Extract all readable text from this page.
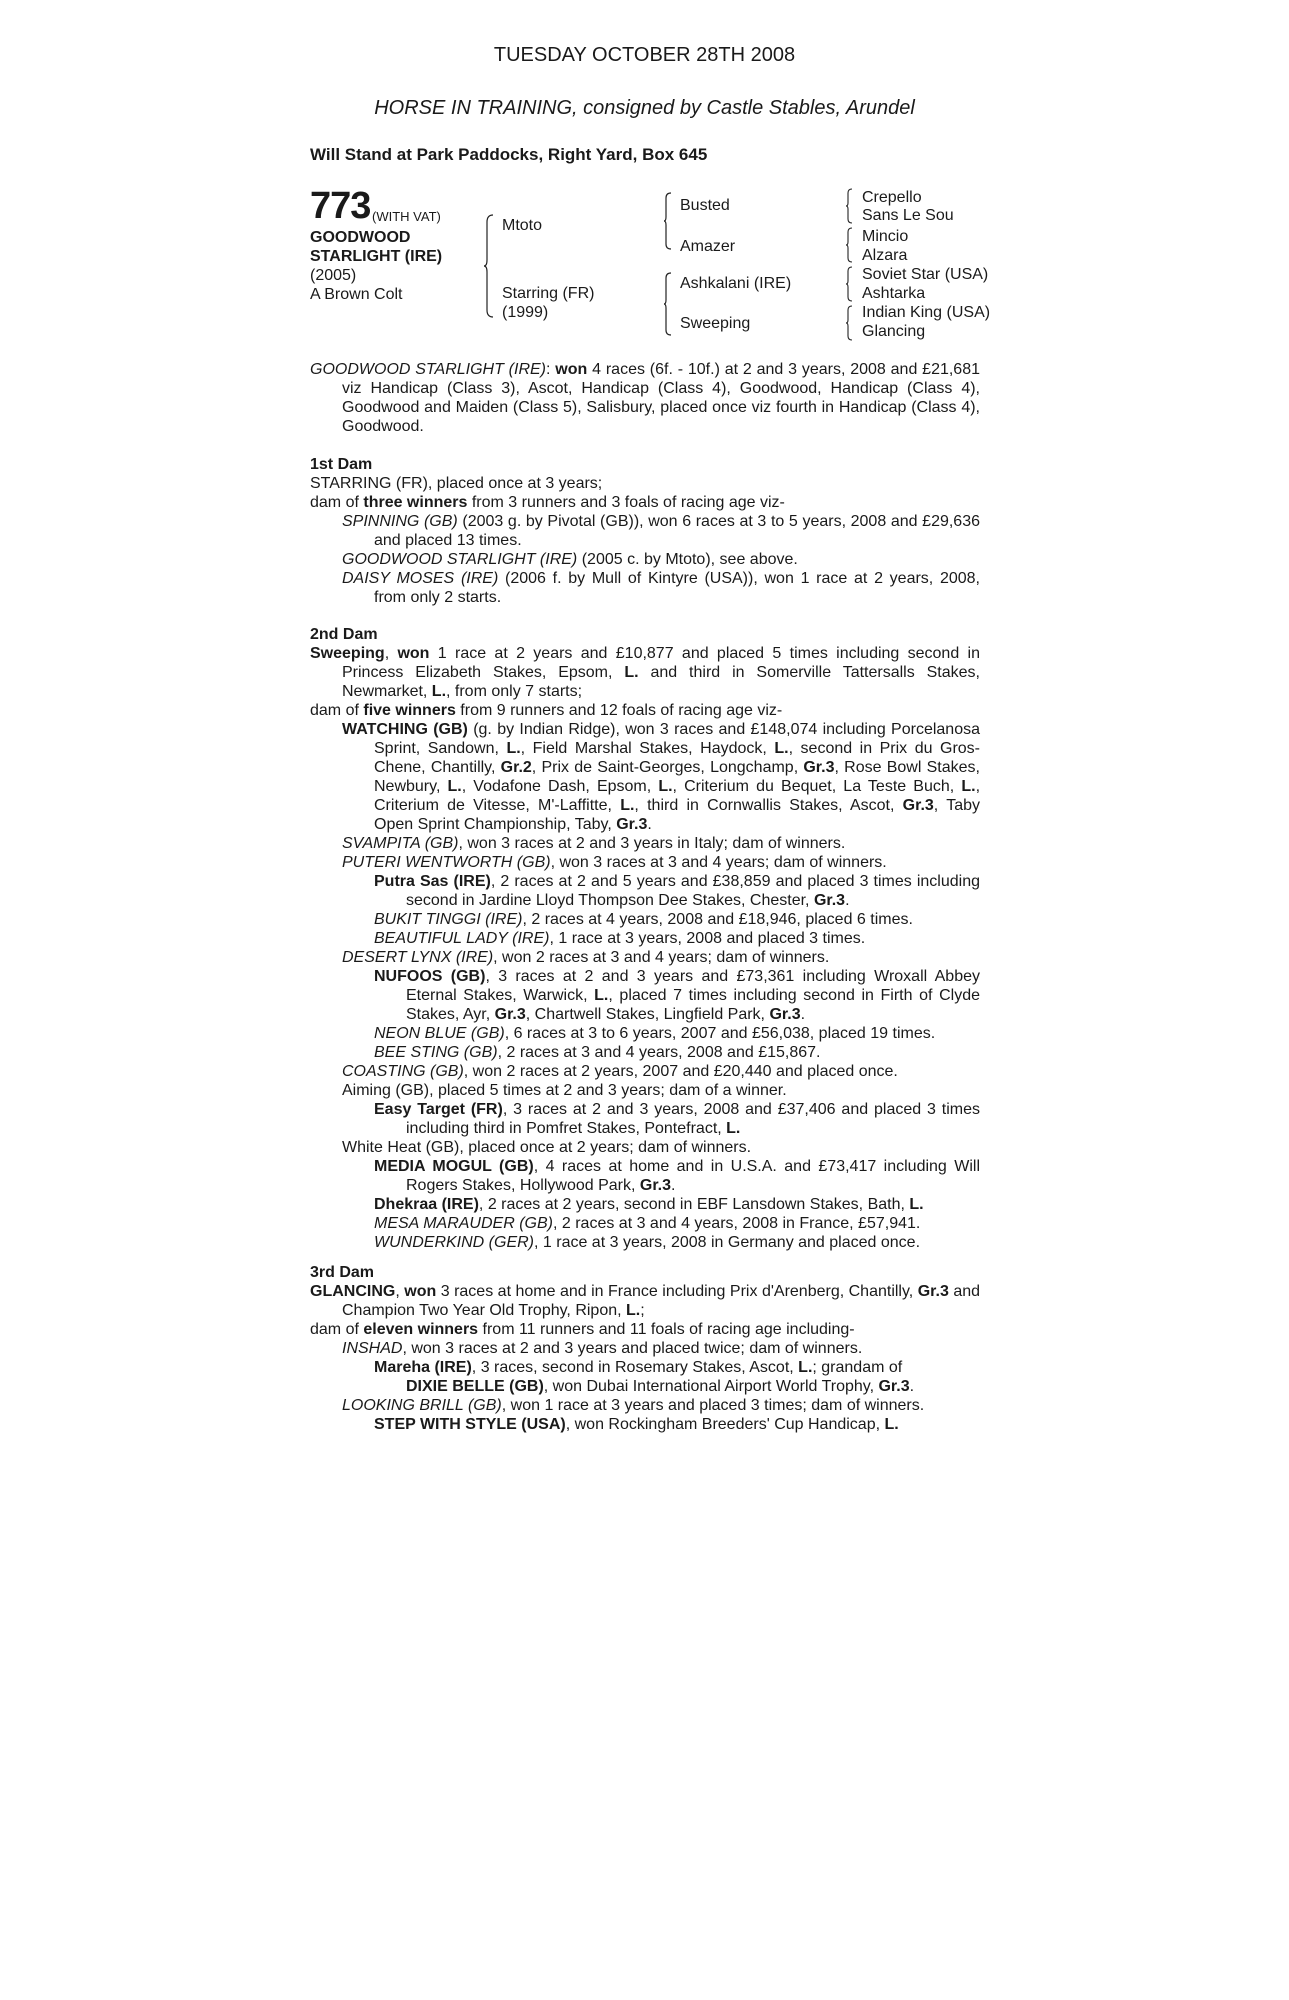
TUESDAY OCTOBER 28TH 2008
HORSE IN TRAINING, consigned by Castle Stables, Arundel
Will Stand at Park Paddocks, Right Yard, Box 645
773 (WITH VAT)
GOODWOOD STARLIGHT (IRE)
(2005)
A Brown Colt
Mtoto
Starring (FR)
(1999)
Busted
Amazer
Ashkalani (IRE)
Sweeping
Crepello
Sans Le Sou
Mincio
Alzara
Soviet Star (USA)
Ashtarka
Indian King (USA)
Glancing

GOODWOOD STARLIGHT (IRE): won 4 races (6f. - 10f.) at 2 and 3 years, 2008 and £21,681 viz Handicap (Class 3), Ascot, Handicap (Class 4), Goodwood, Handicap (Class 4), Goodwood and Maiden (Class 5), Salisbury, placed once viz fourth in Handicap (Class 4), Goodwood.

1st Dam

STARRING (FR), placed once at 3 years;

dam of three winners from 3 runners and 3 foals of racing age viz-

SPINNING (GB) (2003 g. by Pivotal (GB)), won 6 races at 3 to 5 years, 2008 and £29,636 and placed 13 times.

GOODWOOD STARLIGHT (IRE) (2005 c. by Mtoto), see above.

DAISY MOSES (IRE) (2006 f. by Mull of Kintyre (USA)), won 1 race at 2 years, 2008, from only 2 starts.

2nd Dam

Sweeping, won 1 race at 2 years and £10,877 and placed 5 times including second in Princess Elizabeth Stakes, Epsom, L. and third in Somerville Tattersalls Stakes, Newmarket, L., from only 7 starts;

dam of five winners from 9 runners and 12 foals of racing age viz-

WATCHING (GB) (g. by Indian Ridge), won 3 races and £148,074 including Porcelanosa Sprint, Sandown, L., Field Marshal Stakes, Haydock, L., second in Prix du Gros-Chene, Chantilly, Gr.2, Prix de Saint-Georges, Longchamp, Gr.3, Rose Bowl Stakes, Newbury, L., Vodafone Dash, Epsom, L., Criterium du Bequet, La Teste Buch, L., Criterium de Vitesse, M'-Laffitte, L., third in Cornwallis Stakes, Ascot, Gr.3, Taby Open Sprint Championship, Taby, Gr.3.

SVAMPITA (GB), won 3 races at 2 and 3 years in Italy; dam of winners.

PUTERI WENTWORTH (GB), won 3 races at 3 and 4 years; dam of winners.

Putra Sas (IRE), 2 races at 2 and 5 years and £38,859 and placed 3 times including second in Jardine Lloyd Thompson Dee Stakes, Chester, Gr.3.

BUKIT TINGGI (IRE), 2 races at 4 years, 2008 and £18,946, placed 6 times.

BEAUTIFUL LADY (IRE), 1 race at 3 years, 2008 and placed 3 times.

DESERT LYNX (IRE), won 2 races at 3 and 4 years; dam of winners.

NUFOOS (GB), 3 races at 2 and 3 years and £73,361 including Wroxall Abbey Eternal Stakes, Warwick, L., placed 7 times including second in Firth of Clyde Stakes, Ayr, Gr.3, Chartwell Stakes, Lingfield Park, Gr.3.

NEON BLUE (GB), 6 races at 3 to 6 years, 2007 and £56,038, placed 19 times.

BEE STING (GB), 2 races at 3 and 4 years, 2008 and £15,867.

COASTING (GB), won 2 races at 2 years, 2007 and £20,440 and placed once.

Aiming (GB), placed 5 times at 2 and 3 years; dam of a winner.

Easy Target (FR), 3 races at 2 and 3 years, 2008 and £37,406 and placed 3 times including third in Pomfret Stakes, Pontefract, L.

White Heat (GB), placed once at 2 years; dam of winners.

MEDIA MOGUL (GB), 4 races at home and in U.S.A. and £73,417 including Will Rogers Stakes, Hollywood Park, Gr.3.

Dhekraa (IRE), 2 races at 2 years, second in EBF Lansdown Stakes, Bath, L.

MESA MARAUDER (GB), 2 races at 3 and 4 years, 2008 in France, £57,941.

WUNDERKIND (GER), 1 race at 3 years, 2008 in Germany and placed once.

3rd Dam

GLANCING, won 3 races at home and in France including Prix d'Arenberg, Chantilly, Gr.3 and Champion Two Year Old Trophy, Ripon, L.;

dam of eleven winners from 11 runners and 11 foals of racing age including-

INSHAD, won 3 races at 2 and 3 years and placed twice; dam of winners.

Mareha (IRE), 3 races, second in Rosemary Stakes, Ascot, L.; grandam of
DIXIE BELLE (GB), won Dubai International Airport World Trophy, Gr.3.

LOOKING BRILL (GB), won 1 race at 3 years and placed 3 times; dam of winners.

STEP WITH STYLE (USA), won Rockingham Breeders' Cup Handicap, L.
